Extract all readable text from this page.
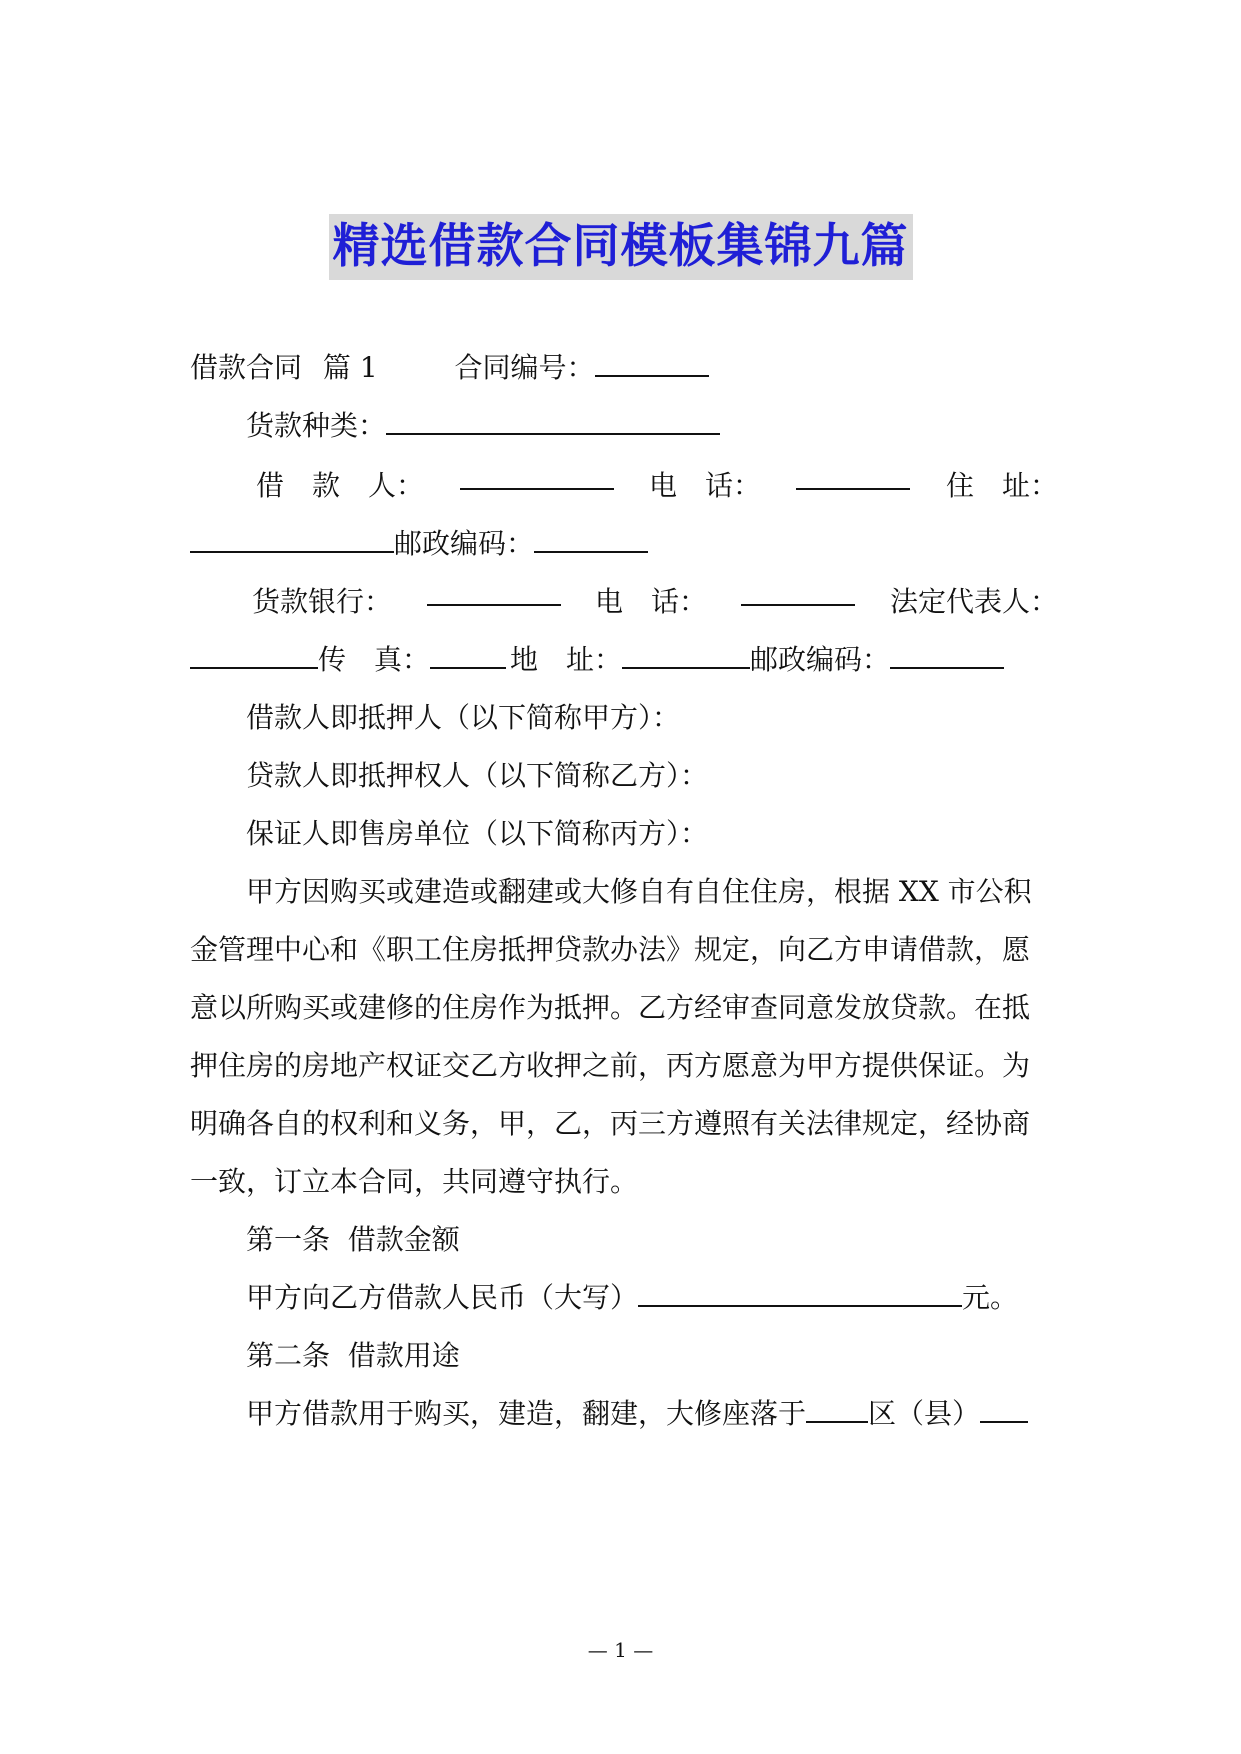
精选借款合同模板集锦九篇
借款合同 篇 1	合同编号：
货款种类：
借　款　人：	电　话：	住　址：
邮政编码：
货款银行：	电　话：	法定代表人：
传　真：	地　址：	邮政编码：
借款人即抵押人（以下简称甲方）：
贷款人即抵押权人（以下简称乙方）：
保证人即售房单位（以下简称丙方）：
甲方因购买或建造或翻建或大修自有自住住房，根据 XX 市公积
金管理中心和《职工住房抵押贷款办法》规定，向乙方申请借款，愿
意以所购买或建修的住房作为抵押。乙方经审查同意发放贷款。在抵
押住房的房地产权证交乙方收押之前，丙方愿意为甲方提供保证。为
明确各自的权利和义务，甲，乙，丙三方遵照有关法律规定，经协商
一致，订立本合同，共同遵守执行。
第一条  借款金额
甲方向乙方借款人民币（大写）	元。
第二条  借款用途
甲方借款用于购买，建造，翻建，大修座落于 区（县）
— 1 —
